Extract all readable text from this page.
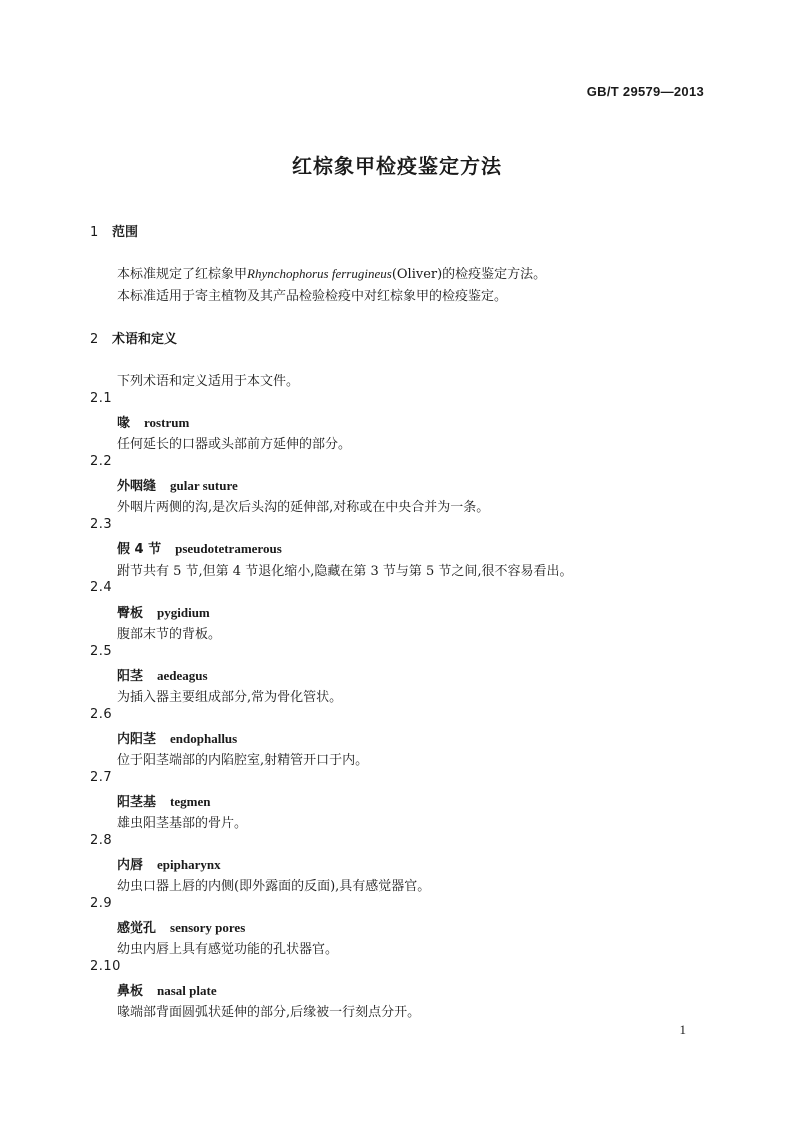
GB/T 29579—2013
红棕象甲检疫鉴定方法
1 范围
本标准规定了红棕象甲Rhynchophorus ferrugineus(Oliver)的检疫鉴定方法。
本标准适用于寄主植物及其产品检验检疫中对红棕象甲的检疫鉴定。
2 术语和定义
下列术语和定义适用于本文件。
2.1
喙 rostrum
任何延长的口器或头部前方延伸的部分。
2.2
外咽缝 gular suture
外咽片两侧的沟,是次后头沟的延伸部,对称或在中央合并为一条。
2.3
假 4 节 pseudotetramerous
跗节共有 5 节,但第 4 节退化缩小,隐藏在第 3 节与第 5 节之间,很不容易看出。
2.4
臀板 pygidium
腹部末节的背板。
2.5
阳茎 aedeagus
为插入器主要组成部分,常为骨化管状。
2.6
内阳茎 endophallus
位于阳茎端部的内陷腔室,射精管开口于内。
2.7
阳茎基 tegmen
雄虫阳茎基部的骨片。
2.8
内唇 epipharynx
幼虫口器上唇的内侧(即外露面的反面),具有感觉器官。
2.9
感觉孔 sensory pores
幼虫内唇上具有感觉功能的孔状器官。
2.10
鼻板 nasal plate
喙端部背面圆弧状延伸的部分,后缘被一行刻点分开。
1
